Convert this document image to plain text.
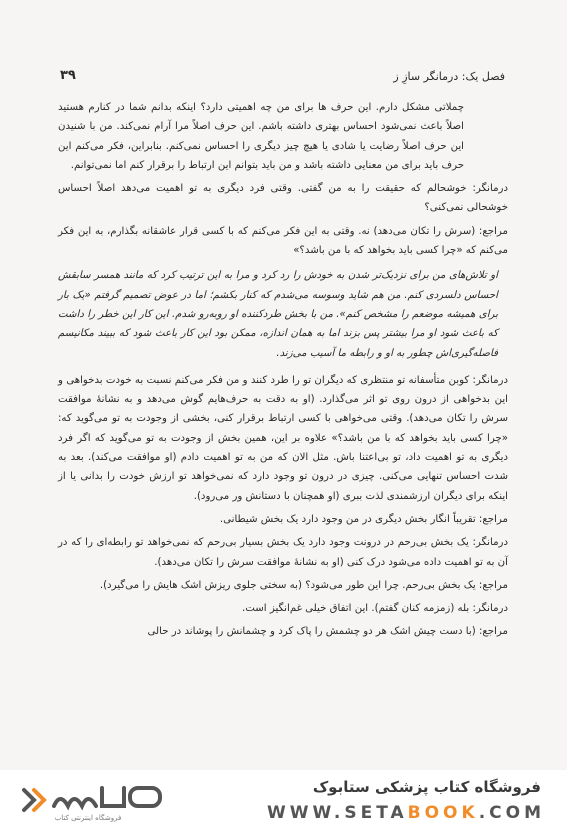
فصل یک: درمانگر سازِ ز
۳۹

چملاتی مشکل دارم. این حرف ها برای من چه اهمیتی دارد؟ اینکه بدانم شما در کنارم هستید اصلاً باعث نمی‌شود احساس بهتری داشته باشم. این حرف اصلاً مرا آرام نمی‌کند. من با شنیدن این حرف اصلاً رضایت یا شادی یا هیچ چیز دیگری را احساس نمی‌کنم. بنابراین، فکر می‌کنم این حرف باید برای من معنایی داشته باشد و من باید بتوانم این ارتباط را برقرار کنم اما نمی‌توانم.

درمانگر: خوشحالم که حقیقت را به من گفتی. وقتی فرد دیگری به تو اهمیت می‌دهد اصلاً احساس خوشحالی نمی‌کنی؟

مراجع: (سرش را تکان می‌دهد) نه. وقتی به این فکر می‌کنم که با کسی قرار عاشقانه بگذارم، به این فکر می‌کنم که «چرا کسی باید بخواهد که با من باشد؟»

او تلاش‌های من برای نزدیک‌تر شدن به خودش را رد کرد و مرا به این ترتیب کرد که مانند همسر سابقش احساس دلسردی کنم. من هم شاید وسوسه می‌شدم که کنار بکشم؛ اما در عوض تصمیم گرفتم «یک بار برای همیشه موضعم را مشخص کنم». من با بخش طردکننده او روبه‌رو شدم. این کار این خطر را داشت که باعث شود او مرا بیشتر پس بزند اما به همان اندازه، ممکن بود این کار باعث شود که ببیند مکانیسم فاصله‌گیری‌اش چطور به او و رابطه ما آسیب می‌زند.

درمانگر: کوبن متأسفانه تو منتظری که دیگران تو را طرد کنند و من فکر می‌کنم نسبت به خودت بدخواهی و این بدخواهی از درون روی تو اثر می‌گذارد. (او به دقت به حرف‌هایم گوش می‌دهد و به نشانهٔ موافقت سرش را تکان می‌دهد). وقتی می‌خواهی با کسی ارتباط برقرار کنی، بخشی از وجودت به تو می‌گوید که: «چرا کسی باید بخواهد که با من باشد؟» علاوه بر این، همین بخش از وجودت به تو می‌گوید که اگر فرد دیگری به تو اهمیت داد، تو بی‌اعتنا باش. مثل الان که من به تو اهمیت دادم (او موافقت می‌کند). بعد به شدت احساس تنهایی می‌کنی. چیزی در درون تو وجود دارد که نمی‌خواهد تو ارزش خودت را بدانی یا از اینکه برای دیگران ارزشمندی لذت ببری (او همچنان با دستانش ور می‌رود).

مراجع: تقریباً انگار بخش دیگری در من وجود دارد یک بخش شیطانی.

درمانگر: یک بخش بی‌رحم در درونت وجود دارد یک بخش بسیار بی‌رحم که نمی‌خواهد تو رابطه‌ای را که در آن به تو اهمیت داده می‌شود درک کنی (او به نشانهٔ موافقت سرش را تکان می‌دهد).

مراجع: یک بخش بی‌رحم. چرا این طور می‌شود؟ (به سختی جلوی ریزش اشک هایش را می‌گیرد).

درمانگر: بله (زمزمه کنان گفتم). این اتفاق خیلی غم‌انگیز است.

مراجع: (با دست چیش اشک هر دو چشمش را پاک کرد و چشمانش را پوشاند در حالی

فروشگاه اینترنتی کتاب
فروشگاه کتاب پزشکی ستابوک
WWW.SETABOOK.COM
